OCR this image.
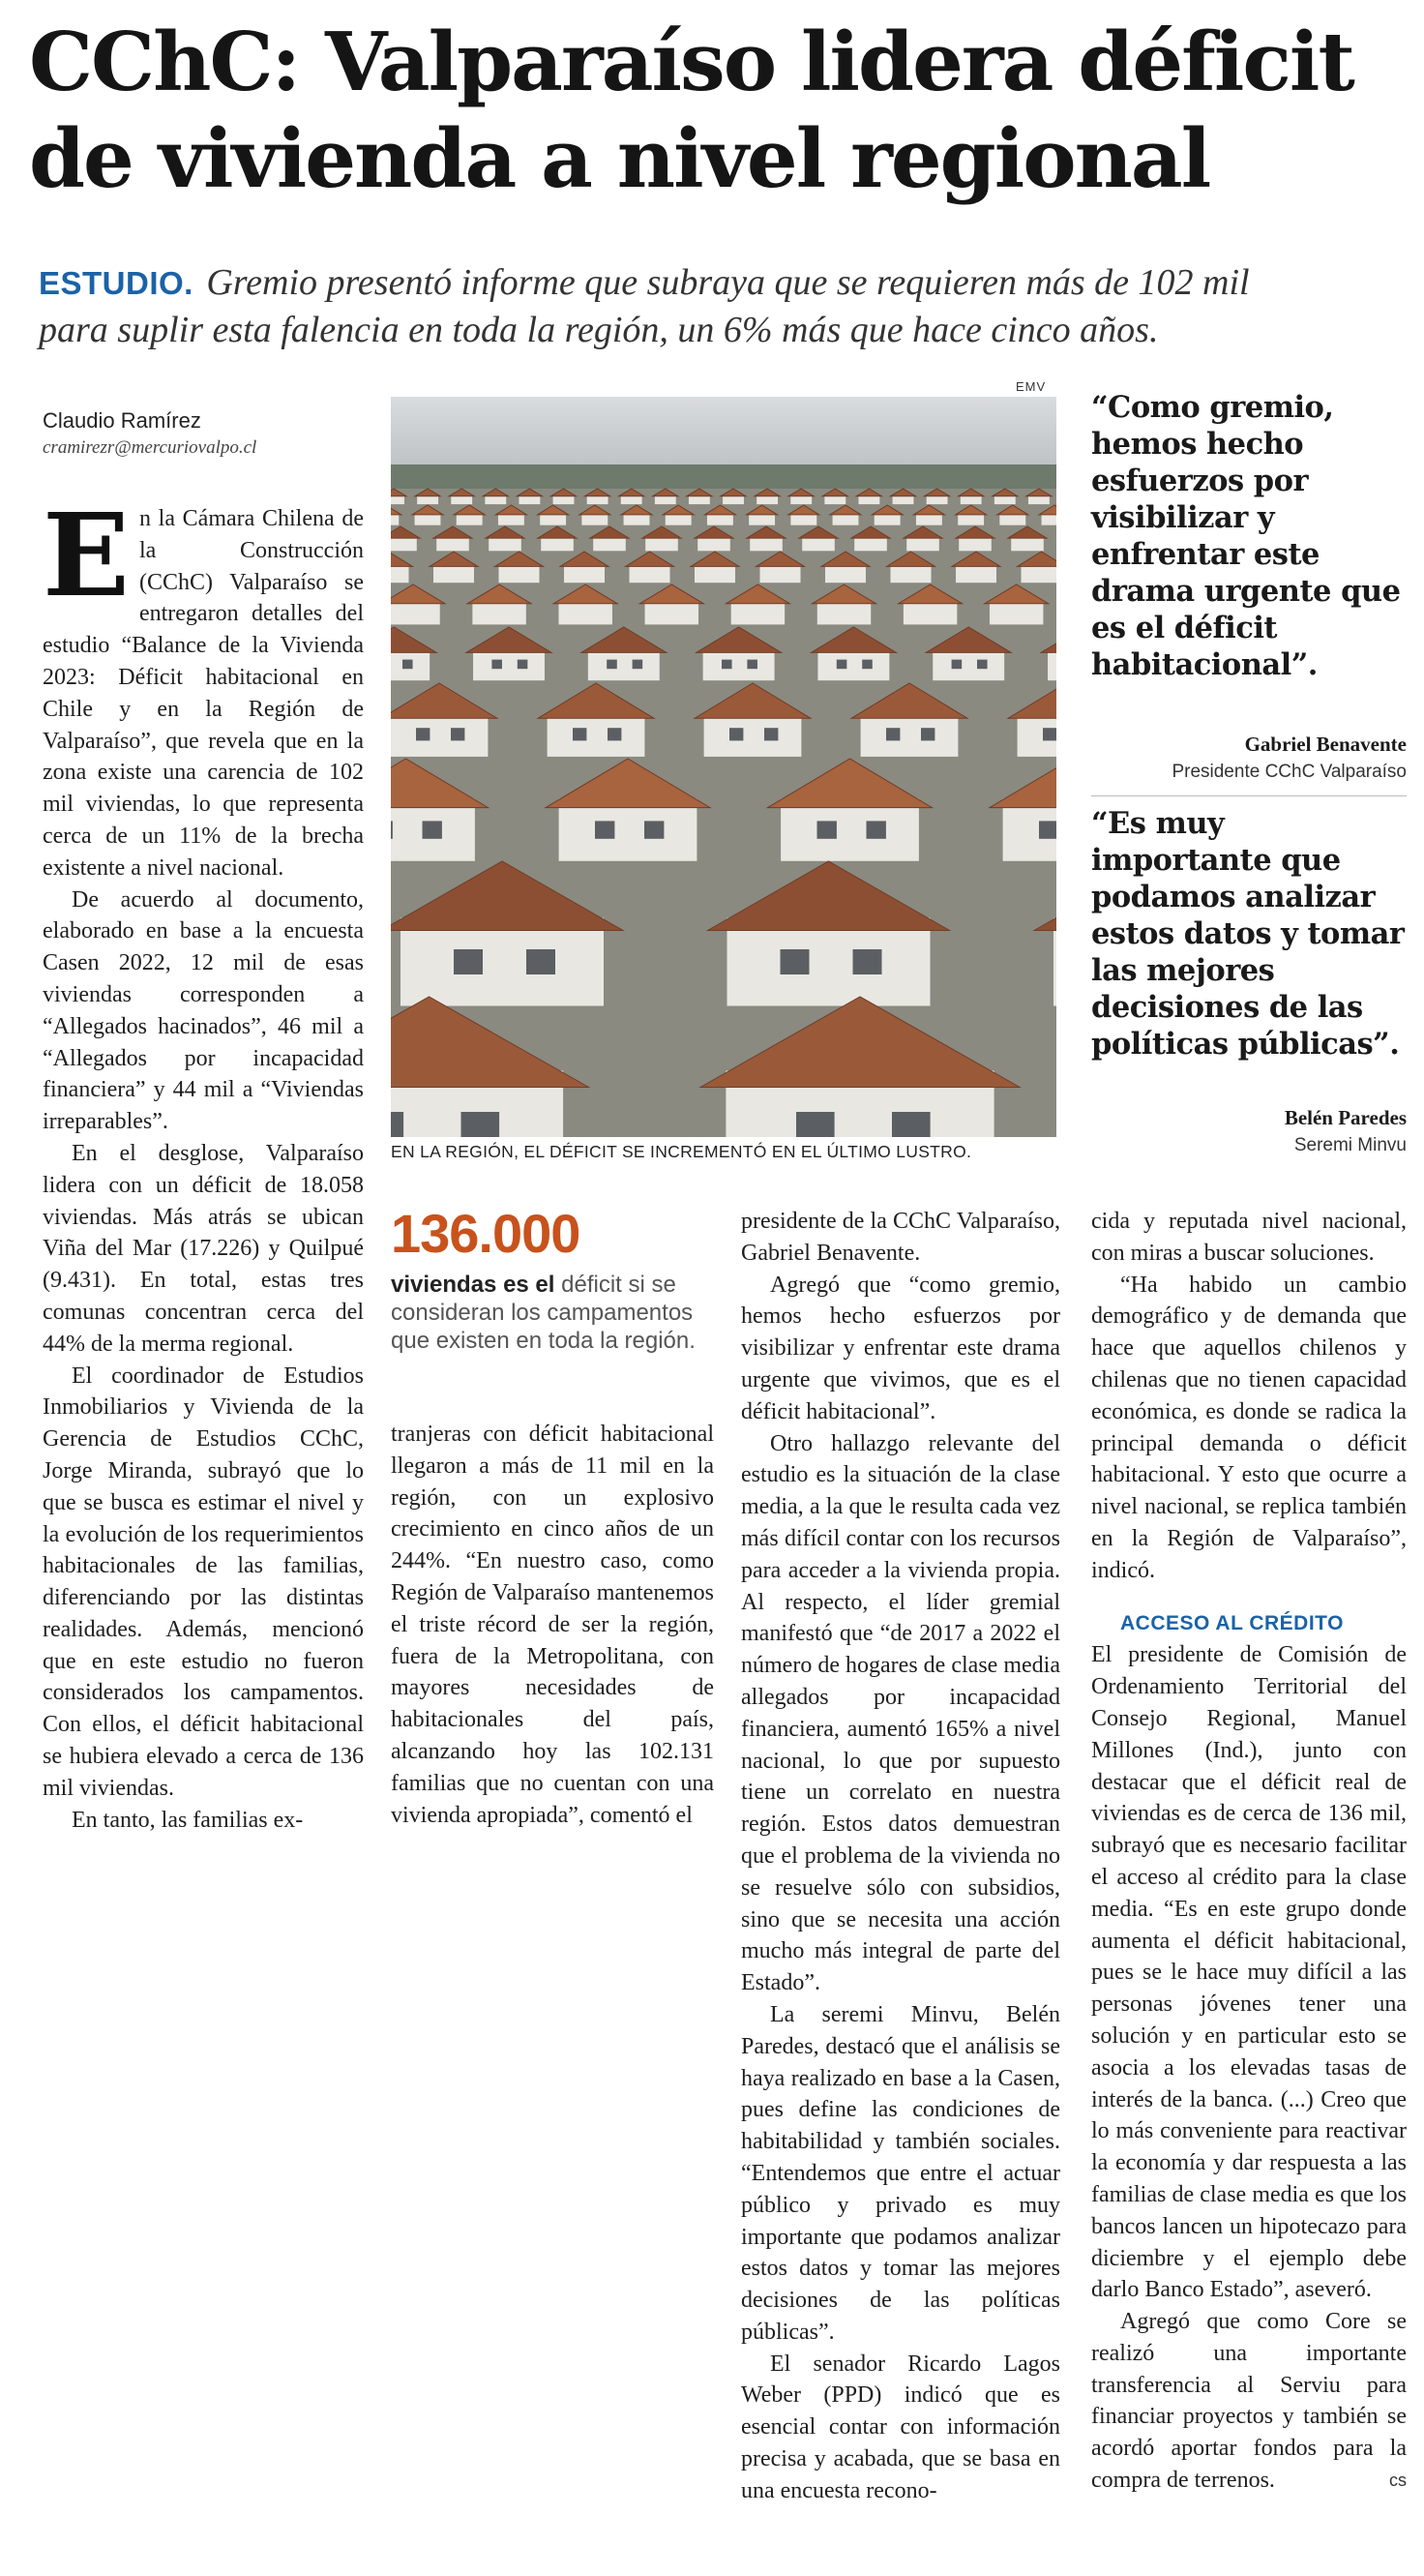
CChC: Valparaíso lidera déficit
de vivienda a nivel regional
ESTUDIO. Gremio presentó informe que subraya que se requieren más de 102 mil
para suplir esta falencia en toda la región, un 6% más que hace cinco años.
Claudio Ramírez
cramirezr@mercuriovalpo.cl

En la Cámara Chilena de la Construcción (CChC) Valparaíso se entregaron detalles del estudio “Balance de la Vivienda 2023: Déficit habitacional en Chile y en la Región de Valparaíso”, que revela que en la zona existe una carencia de 102 mil viviendas, lo que representa cerca de un 11% de la brecha existente a nivel nacional.

De acuerdo al documento, elaborado en base a la encuesta Casen 2022, 12 mil de esas viviendas corresponden a “Allegados hacinados”, 46 mil a “Allegados por incapacidad financiera” y 44 mil a “Viviendas irreparables”.

En el desglose, Valparaíso lidera con un déficit de 18.058 viviendas. Más atrás se ubican Viña del Mar (17.226) y Quilpué (9.431). En total, estas tres comunas concentran cerca del 44% de la merma regional.

El coordinador de Estudios Inmobiliarios y Vivienda de la Gerencia de Estudios CChC, Jorge Miranda, subrayó que lo que se busca es estimar el nivel y la evolución de los requerimientos habitacionales de las familias, diferenciando por las distintas realidades. Además, mencionó que en este estudio no fueron considerados los campamentos. Con ellos, el déficit habitacional se hubiera elevado a cerca de 136 mil viviendas.

En tanto, las familias ex-

EMV
EN LA REGIÓN, EL DÉFICIT SE INCREMENTÓ EN EL ÚLTIMO LUSTRO.
“Como gremio, hemos hecho esfuerzos por visibilizar y enfrentar este drama urgente que es el déficit habitacional”.
Gabriel Benavente
Presidente CChC Valparaíso
“Es muy importante que podamos analizar estos datos y tomar las mejores decisiones de las políticas públicas”.
Belén Paredes
Seremi Minvu
136.000
viviendas es el déficit si se consideran los campamentos que existen en toda la región.

tranjeras con déficit habitacional llegaron a más de 11 mil en la región, con un explosivo crecimiento en cinco años de un 244%. “En nuestro caso, como Región de Valparaíso mantenemos el triste récord de ser la región, fuera de la Metropolitana, con mayores necesidades de habitacionales del país, alcanzando hoy las 102.131 familias que no cuentan con una vivienda apropiada”, comentó el

presidente de la CChC Valparaíso, Gabriel Benavente.

Agregó que “como gremio, hemos hecho esfuerzos por visibilizar y enfrentar este drama urgente que vivimos, que es el déficit habitacional”.

Otro hallazgo relevante del estudio es la situación de la clase media, a la que le resulta cada vez más difícil contar con los recursos para acceder a la vivienda propia. Al respecto, el líder gremial manifestó que “de 2017 a 2022 el número de hogares de clase media allegados por incapacidad financiera, aumentó 165% a nivel nacional, lo que por supuesto tiene un correlato en nuestra región. Estos datos demuestran que el problema de la vivienda no se resuelve sólo con subsidios, sino que se necesita una acción mucho más integral de parte del Estado”.

La seremi Minvu, Belén Paredes, destacó que el análisis se haya realizado en base a la Casen, pues define las condiciones de habitabilidad y también sociales. “Entendemos que entre el actuar público y privado es muy importante que podamos analizar estos datos y tomar las mejores decisiones de las políticas públicas”.

El senador Ricardo Lagos Weber (PPD) indicó que es esencial contar con información precisa y acabada, que se basa en una encuesta recono-

cida y reputada nivel nacional, con miras a buscar soluciones.

“Ha habido un cambio demográfico y de demanda que hace que aquellos chilenos y chilenas que no tienen capacidad económica, es donde se radica la principal demanda o déficit habitacional. Y esto que ocurre a nivel nacional, se replica también en la Región de Valparaíso”, indicó.

ACCESO AL CRÉDITO

El presidente de Comisión de Ordenamiento Territorial del Consejo Regional, Manuel Millones (Ind.), junto con destacar que el déficit real de viviendas es de cerca de 136 mil, subrayó que es necesario facilitar el acceso al crédito para la clase media. “Es en este grupo donde aumenta el déficit habitacional, pues se le hace muy difícil a las personas jóvenes tener una solución y en particular esto se asocia a los elevadas tasas de interés de la banca. (...) Creo que lo más conveniente para reactivar la economía y dar respuesta a las familias de clase media es que los bancos lancen un hipotecazo para diciembre y el ejemplo debe darlo Banco Estado”, aseveró.

Agregó que como Core se realizó una importante transferencia al Serviu para financiar proyectos y también se acordó aportar fondos para la compra de terrenos.	cs
